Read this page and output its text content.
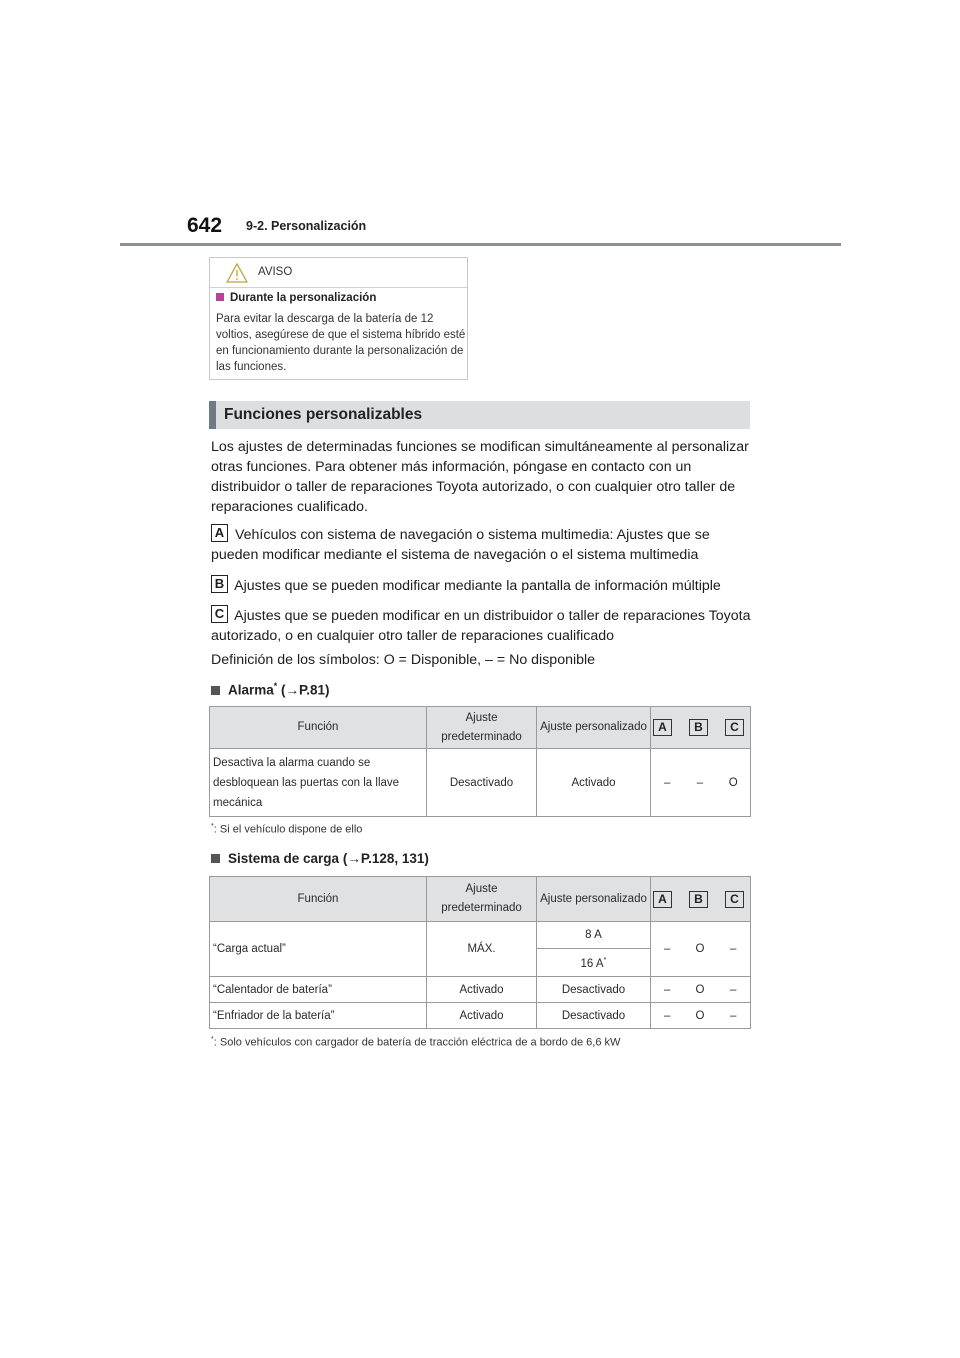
642 9-2. Personalización
AVISO
Durante la personalización
Para evitar la descarga de la batería de 12 voltios, asegúrese de que el sistema híbrido esté en funcionamiento durante la personalización de las funciones.
Funciones personalizables
Los ajustes de determinadas funciones se modifican simultáneamente al personalizar otras funciones. Para obtener más información, póngase en contacto con un distribuidor o taller de reparaciones Toyota autorizado, o con cualquier otro taller de reparaciones cualificado.
A Vehículos con sistema de navegación o sistema multimedia: Ajustes que se pueden modificar mediante el sistema de navegación o el sistema multimedia
B Ajustes que se pueden modificar mediante la pantalla de información múltiple
C Ajustes que se pueden modificar en un distribuidor o taller de reparaciones Toyota autorizado, o en cualquier otro taller de reparaciones cualificado
Definición de los símbolos: O = Disponible, – = No disponible
Alarma* (→P.81)
Función	Ajuste predeterminado	Ajuste personalizado	A B C		

Desactiva la alarma cuando se desbloquean las puertas con la llave mecánica	Desactivado	Activado	–	–	O
*: Si el vehículo dispone de ello
Sistema de carga (→P.128, 131)
Función	Ajuste predeterminado	Ajuste personalizado	A B C		

“Carga actual”	MÁX.	8 A	–	O	–
		16 A*
“Calentador de batería”	Activado	Desactivado	–	O	–
“Enfriador de la batería”	Activado	Desactivado	–	O	–
*: Solo vehículos con cargador de batería de tracción eléctrica de a bordo de 6,6 kW
